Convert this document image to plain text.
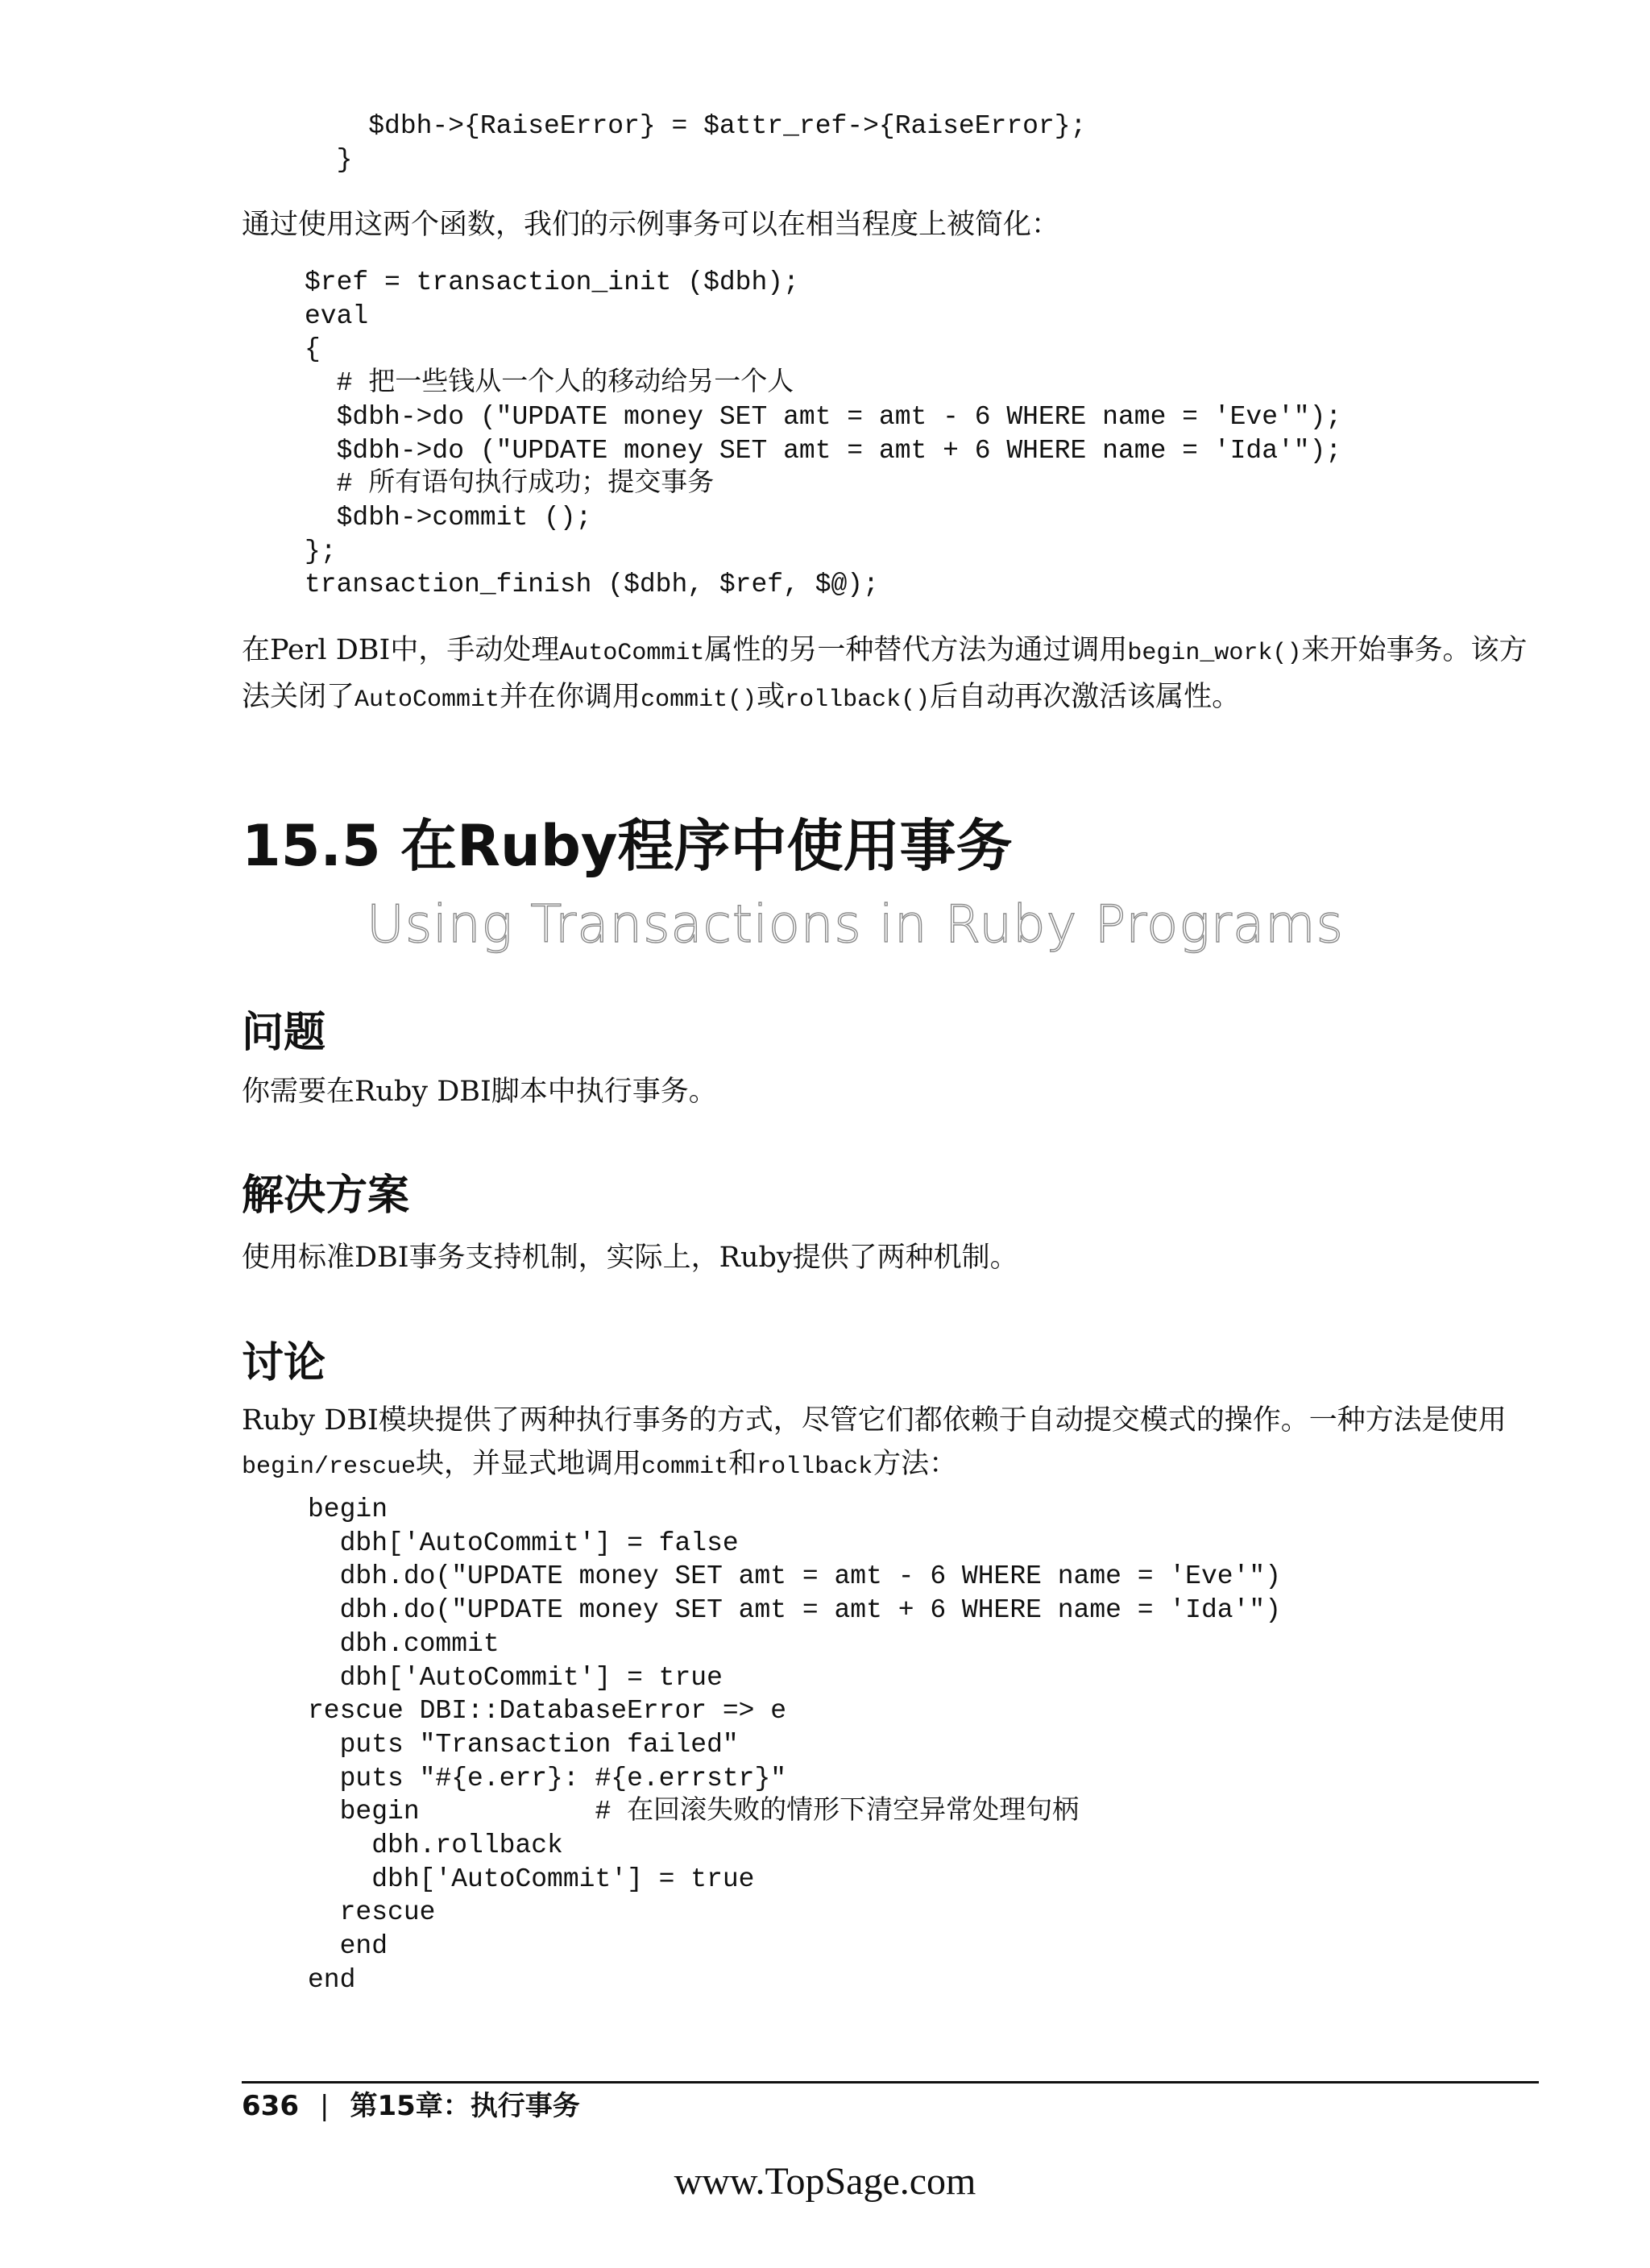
$dbh->{RaiseError} = $attr_ref->{RaiseError};
}

通过使用这两个函数，我们的示例事务可以在相当程度上被简化：

$ref = transaction_init ($dbh);
eval
{
# 把一些钱从一个人的移动给另一个人
$dbh->do ("UPDATE money SET amt = amt - 6 WHERE name = 'Eve'");
$dbh->do ("UPDATE money SET amt = amt + 6 WHERE name = 'Ida'");
# 所有语句执行成功；提交事务
$dbh->commit ();
};
transaction_finish ($dbh, $ref, $@);

在Perl DBI中，手动处理AutoCommit属性的另一种替代方法为通过调用begin_work()来开始事务。该方法关闭了AutoCommit并在你调用commit()或rollback()后自动再次激活该属性。

15.5 在Ruby程序中使用事务
Using Transactions in Ruby Programs
问题

你需要在Ruby DBI脚本中执行事务。

解决方案

使用标准DBI事务支持机制，实际上，Ruby提供了两种机制。

讨论

Ruby DBI模块提供了两种执行事务的方式，尽管它们都依赖于自动提交模式的操作。一种方法是使用begin/rescue块，并显式地调用commit和rollback方法：

begin
dbh['AutoCommit'] = false
dbh.do("UPDATE money SET amt = amt - 6 WHERE name = 'Eve'")
dbh.do("UPDATE money SET amt = amt + 6 WHERE name = 'Ida'")
dbh.commit
dbh['AutoCommit'] = true
rescue DBI::DatabaseError => e
puts "Transaction failed"
puts "#{e.err}: #{e.errstr}"
begin           # 在回滚失败的情形下清空异常处理句柄
dbh.rollback
dbh['AutoCommit'] = true
rescue
end
end
636 | 第15章：执行事务
www.TopSage.com
